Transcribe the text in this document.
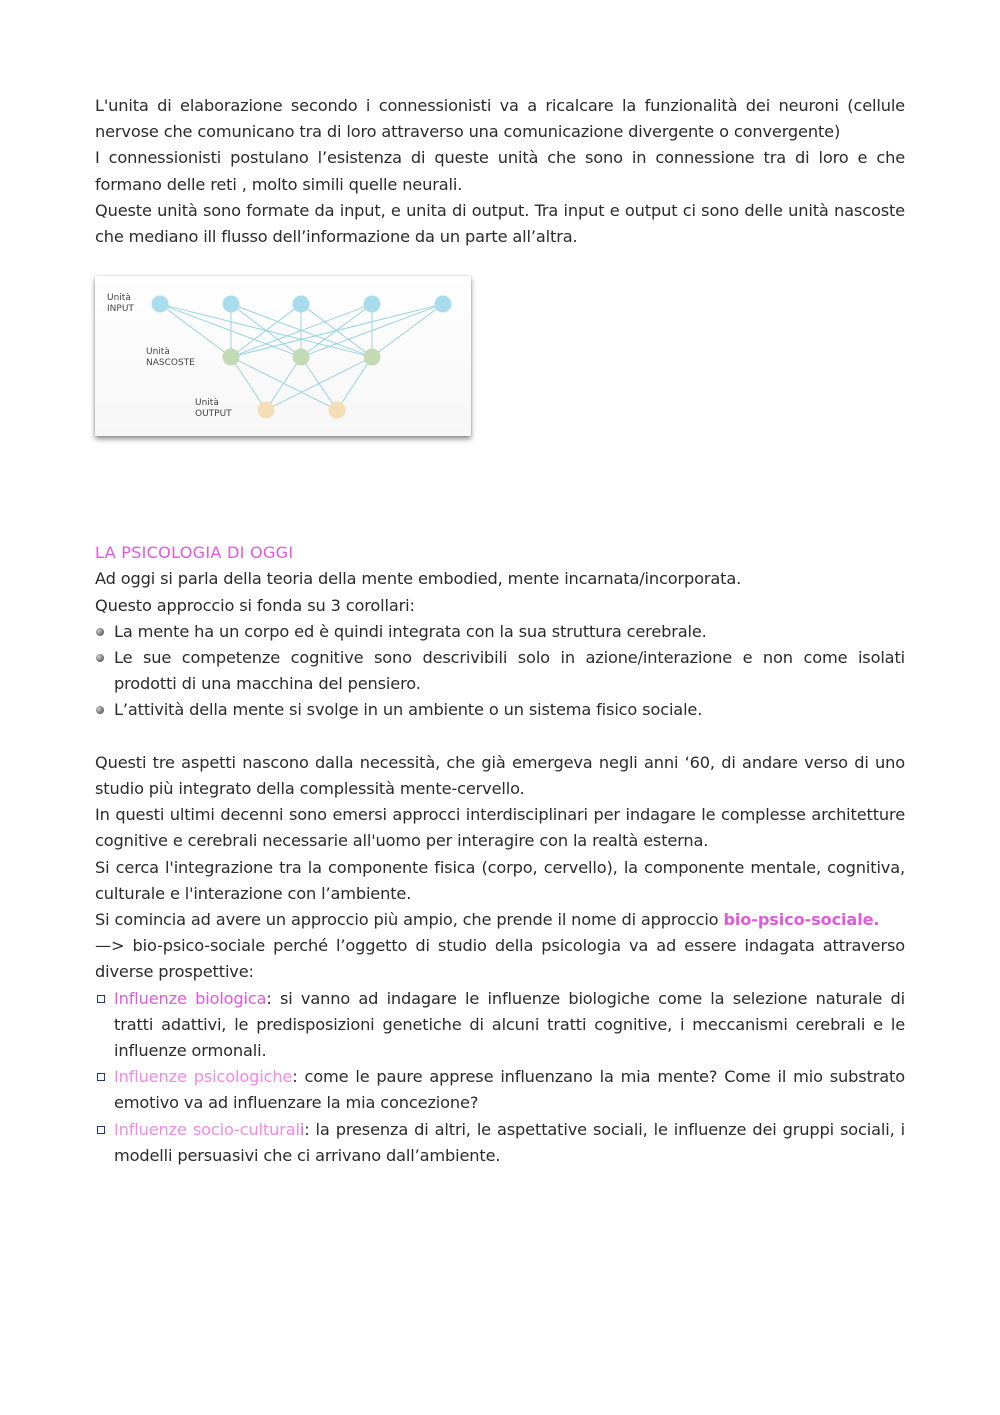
L'unita di elaborazione secondo i connessionisti va a ricalcare la funzionalità dei neuroni (cellule nervose che comunicano tra di loro attraverso una comunicazione divergente o convergente)

I connessionisti postulano l’esistenza di queste unità che sono in connessione tra di loro e che formano delle reti , molto simili quelle neurali.

Queste unità sono formate da input, e unita di output. Tra input e output ci sono delle unità nascoste che mediano ill flusso dell’informazione da un parte all’altra.

Unità
INPUT
Unità
NASCOSTE
Unità
OUTPUT
LA PSICOLOGIA DI OGGI

Ad oggi si parla della teoria della mente embodied, mente incarnata/incorporata.

Questo approccio si fonda su 3 corollari:

La mente ha un corpo ed è quindi integrata con la sua struttura cerebrale.
Le sue competenze cognitive sono descrivibili solo in azione/interazione e non come isolati prodotti di una macchina del pensiero.
L’attività della mente si svolge in un ambiente o un sistema fisico sociale.

Questi tre aspetti nascono dalla necessità, che già emergeva negli anni ‘60, di andare verso di uno studio più integrato della complessità mente-cervello.

In questi ultimi decenni sono emersi approcci interdisciplinari per indagare le complesse architetture cognitive e cerebrali necessarie all'uomo per interagire con la realtà esterna.

Si cerca l'integrazione tra la componente fisica (corpo, cervello), la componente mentale, cognitiva, culturale e l'interazione con l’ambiente.

Si comincia ad avere un approccio più ampio, che prende il nome di approccio bio-psico-sociale.

—> bio-psico-sociale perché l’oggetto di studio della psicologia va ad essere indagata attraverso diverse prospettive:

Influenze biologica: si vanno ad indagare le influenze biologiche come la selezione naturale di tratti adattivi, le predisposizioni genetiche di alcuni tratti cognitive, i meccanismi cerebrali e le influenze ormonali.
Influenze psicologiche: come le paure apprese influenzano la mia mente? Come il mio substrato emotivo va ad influenzare la mia concezione?
Influenze socio-culturali: la presenza di altri, le aspettative sociali, le influenze dei gruppi sociali, i modelli persuasivi che ci arrivano dall’ambiente.
